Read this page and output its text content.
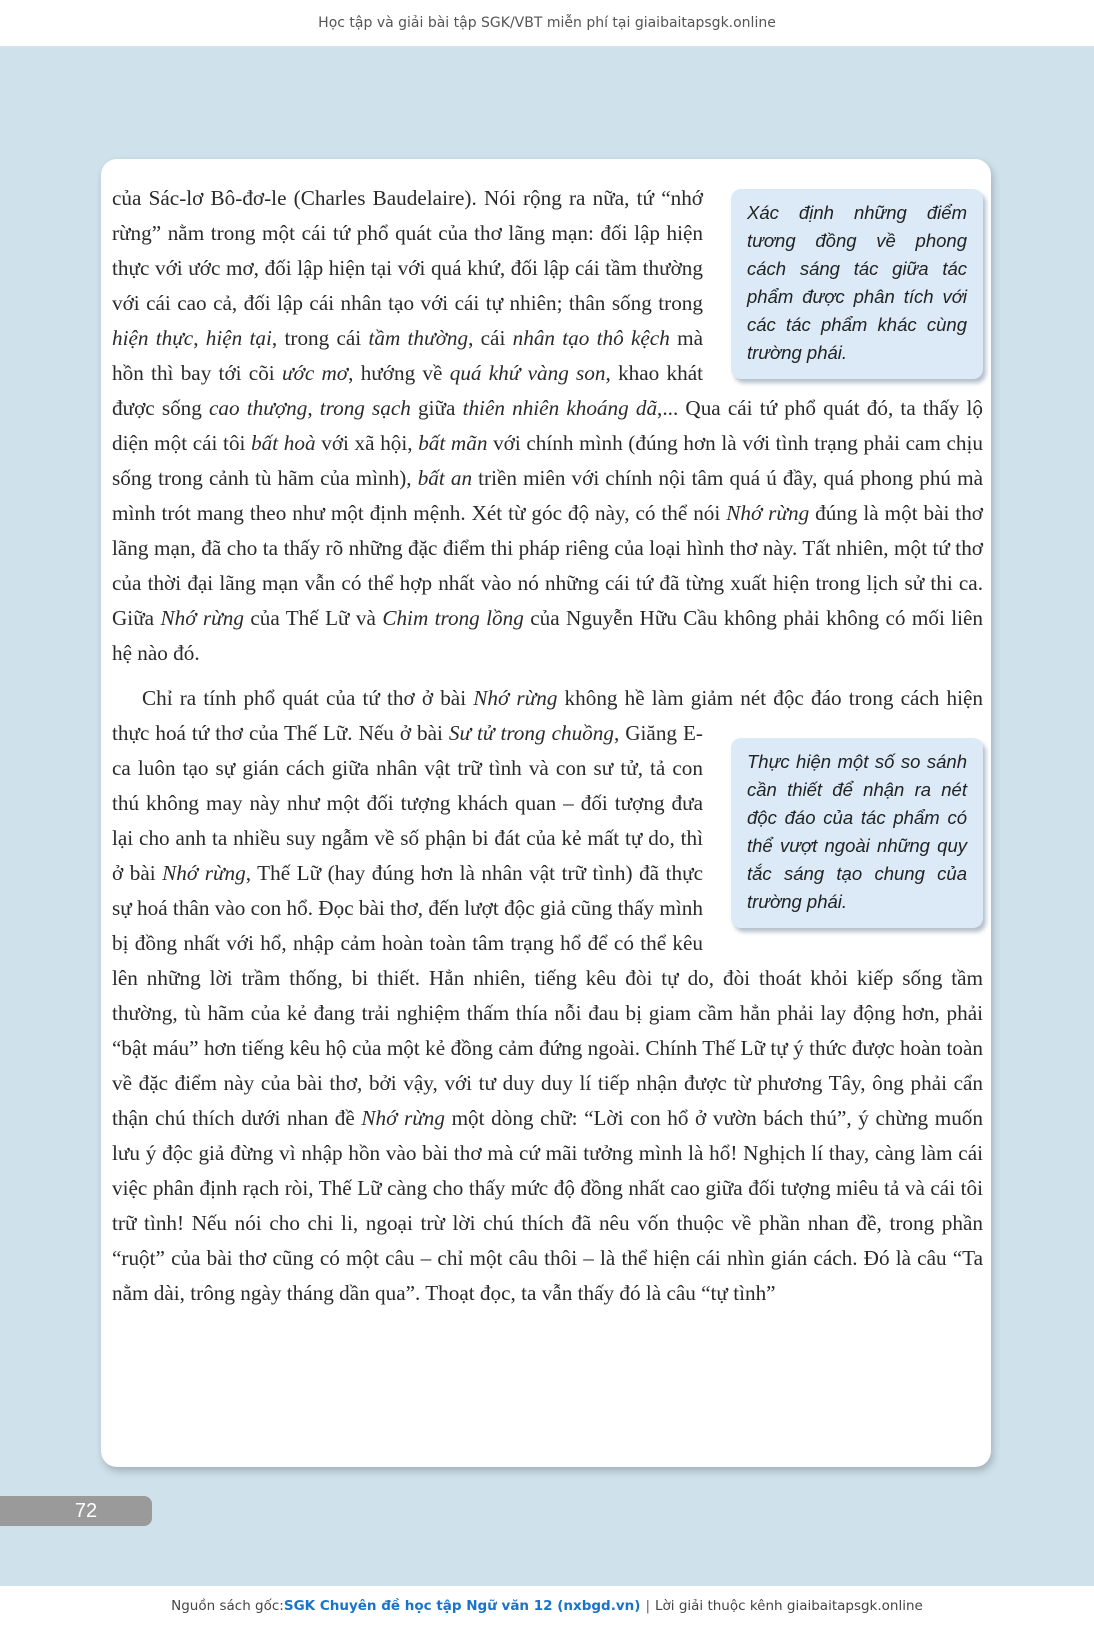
Học tập và giải bài tập SGK/VBT miễn phí tại giaibaitapsgk.online

Xác định những điểm tương đồng về phong cách sáng tác giữa tác phẩm được phân tích với các tác phẩm khác cùng trường phái.
của Sác-lơ Bô-đơ-le (Charles Baudelaire). Nói rộng ra nữa, tứ “nhớ rừng” nằm trong một cái tứ phổ quát của thơ lãng mạn: đối lập hiện thực với ước mơ, đối lập hiện tại với quá khứ, đối lập cái tầm thường với cái cao cả, đối lập cái nhân tạo với cái tự nhiên; thân sống trong hiện thực, hiện tại, trong cái tầm thường, cái nhân tạo thô kệch mà hồn thì bay tới cõi ước mơ, hướng về quá khứ vàng son, khao khát được sống cao thượng, trong sạch giữa thiên nhiên khoáng dã,... Qua cái tứ phổ quát đó, ta thấy lộ diện một cái tôi bất hoà với xã hội, bất mãn với chính mình (đúng hơn là với tình trạng phải cam chịu sống trong cảnh tù hãm của mình), bất an triền miên với chính nội tâm quá ú đầy, quá phong phú mà mình trót mang theo như một định mệnh. Xét từ góc độ này, có thể nói Nhớ rừng đúng là một bài thơ lãng mạn, đã cho ta thấy rõ những đặc điểm thi pháp riêng của loại hình thơ này. Tất nhiên, một tứ thơ của thời đại lãng mạn vẫn có thể hợp nhất vào nó những cái tứ đã từng xuất hiện trong lịch sử thi ca. Giữa Nhớ rừng của Thế Lữ và Chim trong lồng của Nguyễn Hữu Cầu không phải không có mối liên hệ nào đó.

Chỉ ra tính phổ quát của tứ thơ ở bài Nhớ rừng không hề làm giảm nét độc đáo trong cách hiện thực hoá tứ thơ của Thế Lữ. Nếu ở bài Sư tử trong chuồng
Thực hiện một số so sánh cần thiết để nhận ra nét độc đáo của tác phẩm có thể vượt ngoài những quy tắc sáng tạo chung của trường phái.
, Giăng E-ca luôn tạo sự gián cách giữa nhân vật trữ tình và con sư tử, tả con thú không may này như một đối tượng khách quan – đối tượng đưa lại cho anh ta nhiều suy ngẫm về số phận bi đát của kẻ mất tự do, thì ở bài Nhớ rừng, Thế Lữ (hay đúng hơn là nhân vật trữ tình) đã thực sự hoá thân vào con hổ. Đọc bài thơ, đến lượt độc giả cũng thấy mình bị đồng nhất với hổ, nhập cảm hoàn toàn tâm trạng hổ để có thể kêu lên những lời trầm thống, bi thiết. Hẳn nhiên, tiếng kêu đòi tự do, đòi thoát khỏi kiếp sống tầm thường, tù hãm của kẻ đang trải nghiệm thấm thía nỗi đau bị giam cầm hẳn phải lay động hơn, phải “bật máu” hơn tiếng kêu hộ của một kẻ đồng cảm đứng ngoài. Chính Thế Lữ tự ý thức được hoàn toàn về đặc điểm này của bài thơ, bởi vậy, với tư duy duy lí tiếp nhận được từ phương Tây, ông phải cẩn thận chú thích dưới nhan đề Nhớ rừng một dòng chữ: “Lời con hổ ở vườn bách thú”, ý chừng muốn lưu ý độc giả đừng vì nhập hồn vào bài thơ mà cứ mãi tưởng mình là hổ! Nghịch lí thay, càng làm cái việc phân định rạch ròi, Thế Lữ càng cho thấy mức độ đồng nhất cao giữa đối tượng miêu tả và cái tôi trữ tình! Nếu nói cho chi li, ngoại trừ lời chú thích đã nêu vốn thuộc về phần nhan đề, trong phần “ruột” của bài thơ cũng có một câu – chỉ một câu thôi – là thể hiện cái nhìn gián cách. Đó là câu “Ta nằm dài, trông ngày tháng dần qua”. Thoạt đọc, ta vẫn thấy đó là câu “tự tình”

72
Nguồn sách gốc: SGK Chuyên đề học tập Ngữ văn 12 (nxbgd.vn) | Lời giải thuộc kênh giaibaitapsgk.online
